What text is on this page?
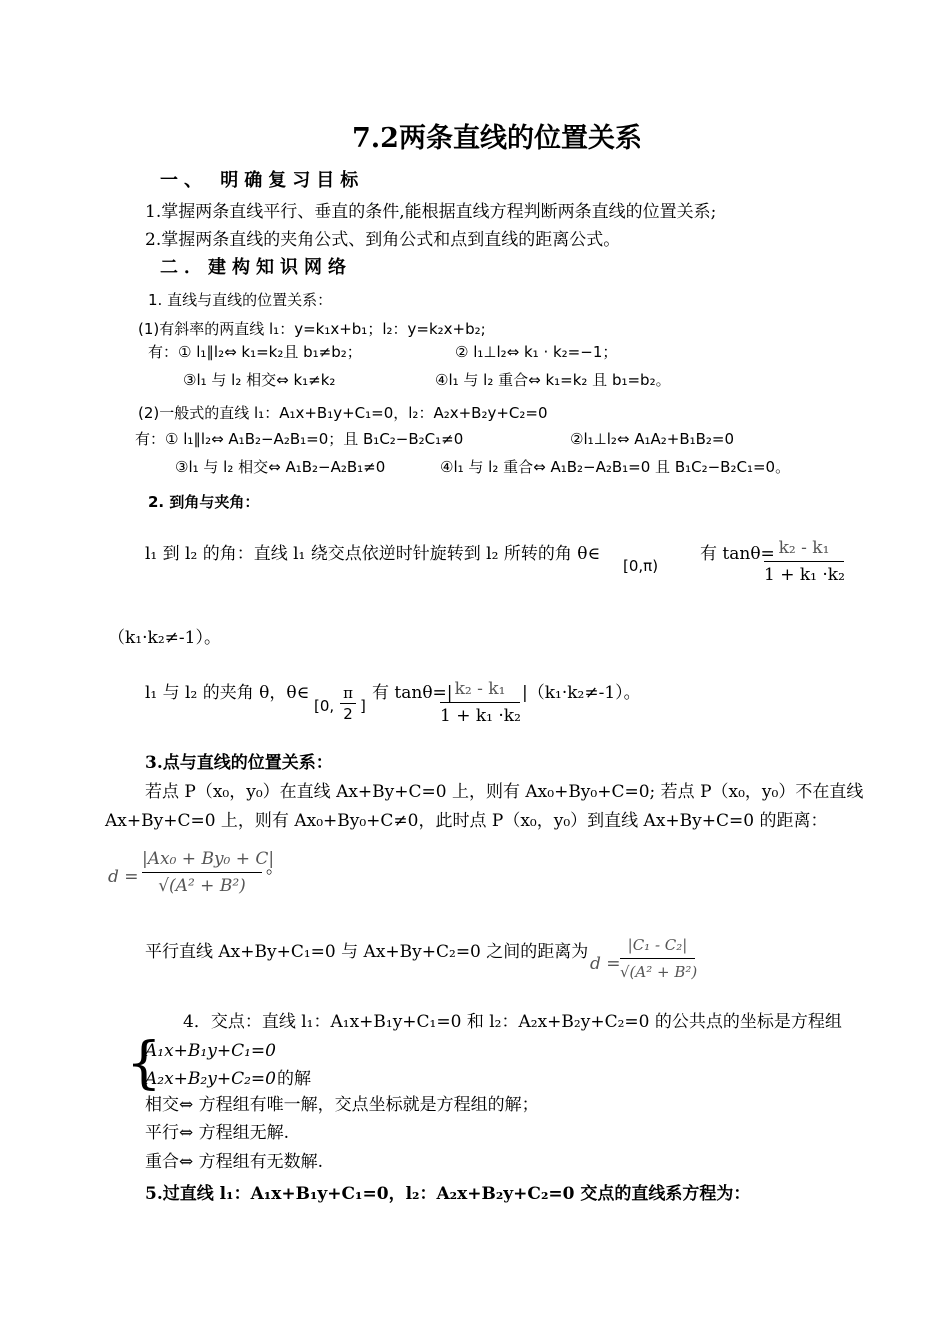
7.2两条直线的位置关系
一、 明确复习目标
1.掌握两条直线平行、垂直的条件,能根据直线方程判断两条直线的位置关系;
2.掌握两条直线的夹角公式、到角公式和点到直线的距离公式。
二．建构知识网络
1. 直线与直线的位置关系：
(1)有斜率的两直线 l₁：y=k₁x+b₁；l₂：y=k₂x+b₂;
有：① l₁∥l₂⇔ k₁=k₂且 b₁≠b₂；	② l₁⊥l₂⇔ k₁ · k₂=−1；
③l₁ 与 l₂ 相交⇔ k₁≠k₂	④l₁ 与 l₂ 重合⇔ k₁=k₂ 且 b₁=b₂。
(2)一般式的直线 l₁：A₁x+B₁y+C₁=0，l₂：A₂x+B₂y+C₂=0
有：① l₁∥l₂⇔ A₁B₂−A₂B₁=0；且 B₁C₂−B₂C₁≠0	②l₁⊥l₂⇔ A₁A₂+B₁B₂=0
③l₁ 与 l₂ 相交⇔ A₁B₂−A₂B₁≠0	④l₁ 与 l₂ 重合⇔ A₁B₂−A₂B₁=0 且 B₁C₂−B₂C₁=0。
2. 到角与夹角：
l₁ 到 l₂ 的角：直线 l₁ 绕交点依逆时针旋转到 l₂ 所转的角 θ∈
[0,π)
有 tanθ= k₂ - k₁
1 + k₁ ·k₂
（k₁·k₂≠-1）。
l₁ 与 l₂ 的夹角 θ，θ∈
[0,
π
2 ]
有 tanθ=| k₂ - k₁
1 + k₁ ·k₂
|（k₁·k₂≠-1）。
3.点与直线的位置关系：
若点 P（x₀，y₀）在直线 Ax+By+C=0 上，则有 Ax₀+By₀+C=0; 若点 P（x₀，y₀）不在直线
Ax+By+C=0 上，则有 Ax₀+By₀+C≠0，此时点 P（x₀，y₀）到直线 Ax+By+C=0 的距离：
d =
|Ax₀ + By₀ + C|
√(A² + B²)
。
平行直线 Ax+By+C₁=0 与 Ax+By+C₂=0 之间的距离为
d =
|C₁ - C₂|
√(A² + B²)
4．交点：直线 l₁：A₁x+B₁y+C₁=0 和 l₂：A₂x+B₂y+C₂=0 的公共点的坐标是方程组
{
A₁x+B₁y+C₁=0
A₂x+B₂y+C₂=0 的解
相交⇔ 方程组有唯一解，交点坐标就是方程组的解；
平行⇔ 方程组无解.
重合⇔ 方程组有无数解.
5.过直线 l₁：A₁x+B₁y+C₁=0，l₂：A₂x+B₂y+C₂=0 交点的直线系方程为：
